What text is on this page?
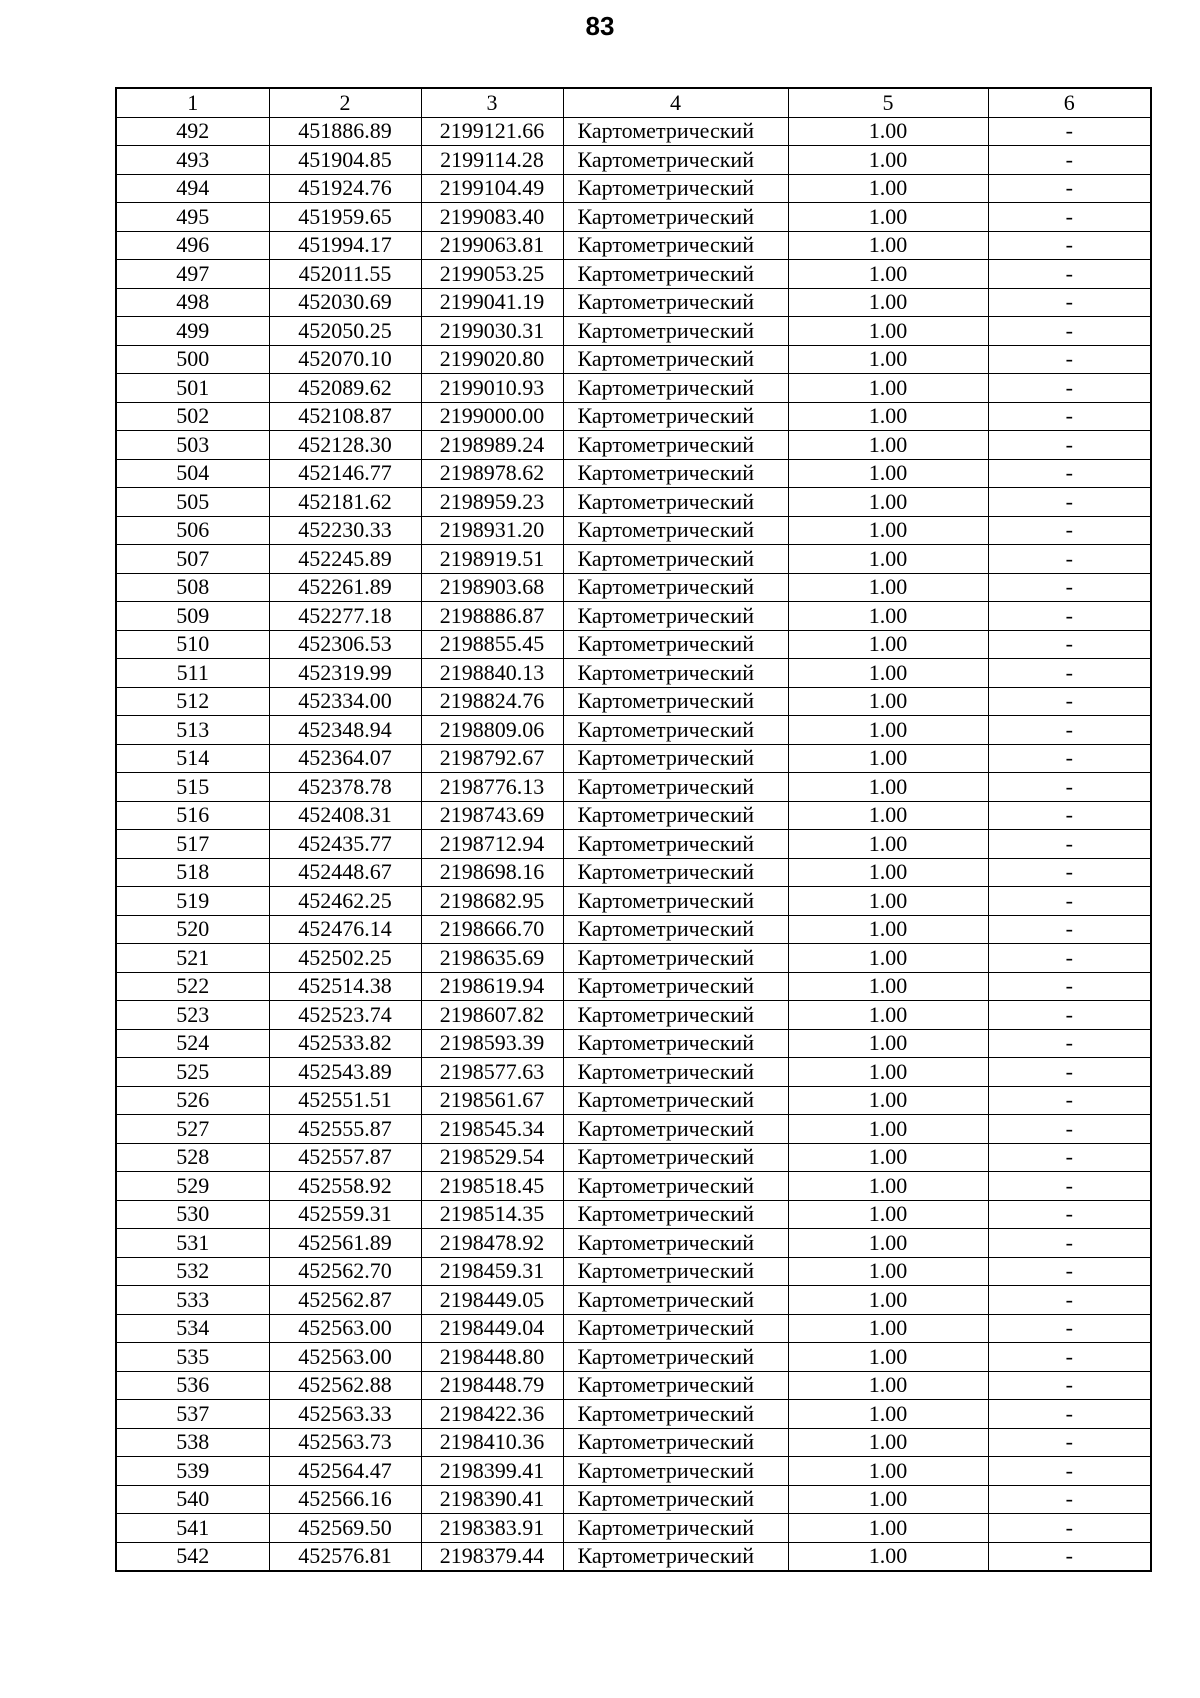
83
1	2	3	4	5	6
492	451886.89	2199121.66	Картометрический	1.00	-
493	451904.85	2199114.28	Картометрический	1.00	-
494	451924.76	2199104.49	Картометрический	1.00	-
495	451959.65	2199083.40	Картометрический	1.00	-
496	451994.17	2199063.81	Картометрический	1.00	-
497	452011.55	2199053.25	Картометрический	1.00	-
498	452030.69	2199041.19	Картометрический	1.00	-
499	452050.25	2199030.31	Картометрический	1.00	-
500	452070.10	2199020.80	Картометрический	1.00	-
501	452089.62	2199010.93	Картометрический	1.00	-
502	452108.87	2199000.00	Картометрический	1.00	-
503	452128.30	2198989.24	Картометрический	1.00	-
504	452146.77	2198978.62	Картометрический	1.00	-
505	452181.62	2198959.23	Картометрический	1.00	-
506	452230.33	2198931.20	Картометрический	1.00	-
507	452245.89	2198919.51	Картометрический	1.00	-
508	452261.89	2198903.68	Картометрический	1.00	-
509	452277.18	2198886.87	Картометрический	1.00	-
510	452306.53	2198855.45	Картометрический	1.00	-
511	452319.99	2198840.13	Картометрический	1.00	-
512	452334.00	2198824.76	Картометрический	1.00	-
513	452348.94	2198809.06	Картометрический	1.00	-
514	452364.07	2198792.67	Картометрический	1.00	-
515	452378.78	2198776.13	Картометрический	1.00	-
516	452408.31	2198743.69	Картометрический	1.00	-
517	452435.77	2198712.94	Картометрический	1.00	-
518	452448.67	2198698.16	Картометрический	1.00	-
519	452462.25	2198682.95	Картометрический	1.00	-
520	452476.14	2198666.70	Картометрический	1.00	-
521	452502.25	2198635.69	Картометрический	1.00	-
522	452514.38	2198619.94	Картометрический	1.00	-
523	452523.74	2198607.82	Картометрический	1.00	-
524	452533.82	2198593.39	Картометрический	1.00	-
525	452543.89	2198577.63	Картометрический	1.00	-
526	452551.51	2198561.67	Картометрический	1.00	-
527	452555.87	2198545.34	Картометрический	1.00	-
528	452557.87	2198529.54	Картометрический	1.00	-
529	452558.92	2198518.45	Картометрический	1.00	-
530	452559.31	2198514.35	Картометрический	1.00	-
531	452561.89	2198478.92	Картометрический	1.00	-
532	452562.70	2198459.31	Картометрический	1.00	-
533	452562.87	2198449.05	Картометрический	1.00	-
534	452563.00	2198449.04	Картометрический	1.00	-
535	452563.00	2198448.80	Картометрический	1.00	-
536	452562.88	2198448.79	Картометрический	1.00	-
537	452563.33	2198422.36	Картометрический	1.00	-
538	452563.73	2198410.36	Картометрический	1.00	-
539	452564.47	2198399.41	Картометрический	1.00	-
540	452566.16	2198390.41	Картометрический	1.00	-
541	452569.50	2198383.91	Картометрический	1.00	-
542	452576.81	2198379.44	Картометрический	1.00	-
